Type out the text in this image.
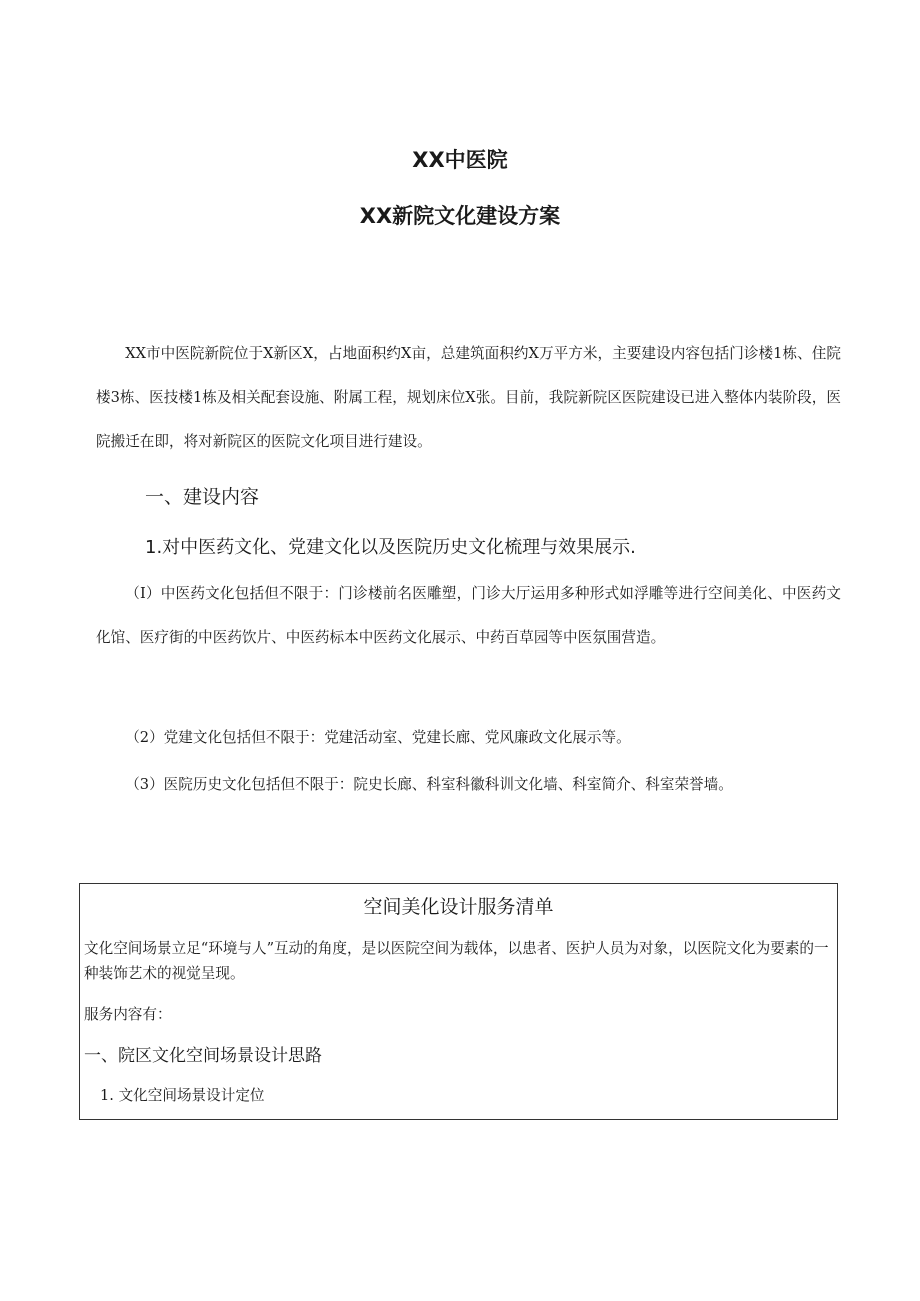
XX中医院
XX新院文化建设方案

XX市中医院新院位于X新区X，占地面积约X亩，总建筑面积约X万平方米，主要建设内容包括门诊楼1栋、住院楼3栋、医技楼1栋及相关配套设施、附属工程，规划床位X张。目前，我院新院区医院建设已进入整体内装阶段，医院搬迁在即，将对新院区的医院文化项目进行建设。

一、建设内容
1.对中医药文化、党建文化以及医院历史文化梳理与效果展示.

（I）中医药文化包括但不限于：门诊楼前名医雕塑，门诊大厅运用多种形式如浮雕等进行空间美化、中医药文化馆、医疗街的中医药饮片、中医药标本中医药文化展示、中药百草园等中医氛围营造。

（2）党建文化包括但不限于：党建活动室、党建长廊、党风廉政文化展示等。

（3）医院历史文化包括但不限于：院史长廊、科室科徽科训文化墙、科室简介、科室荣誉墙。

空间美化设计服务清单

文化空间场景立足“环境与人”互动的角度，是以医院空间为载体，以患者、医护人员为对象，以医院文化为要素的一种装饰艺术的视觉呈现。

服务内容有：

一、院区文化空间场景设计思路

1. 文化空间场景设计定位
